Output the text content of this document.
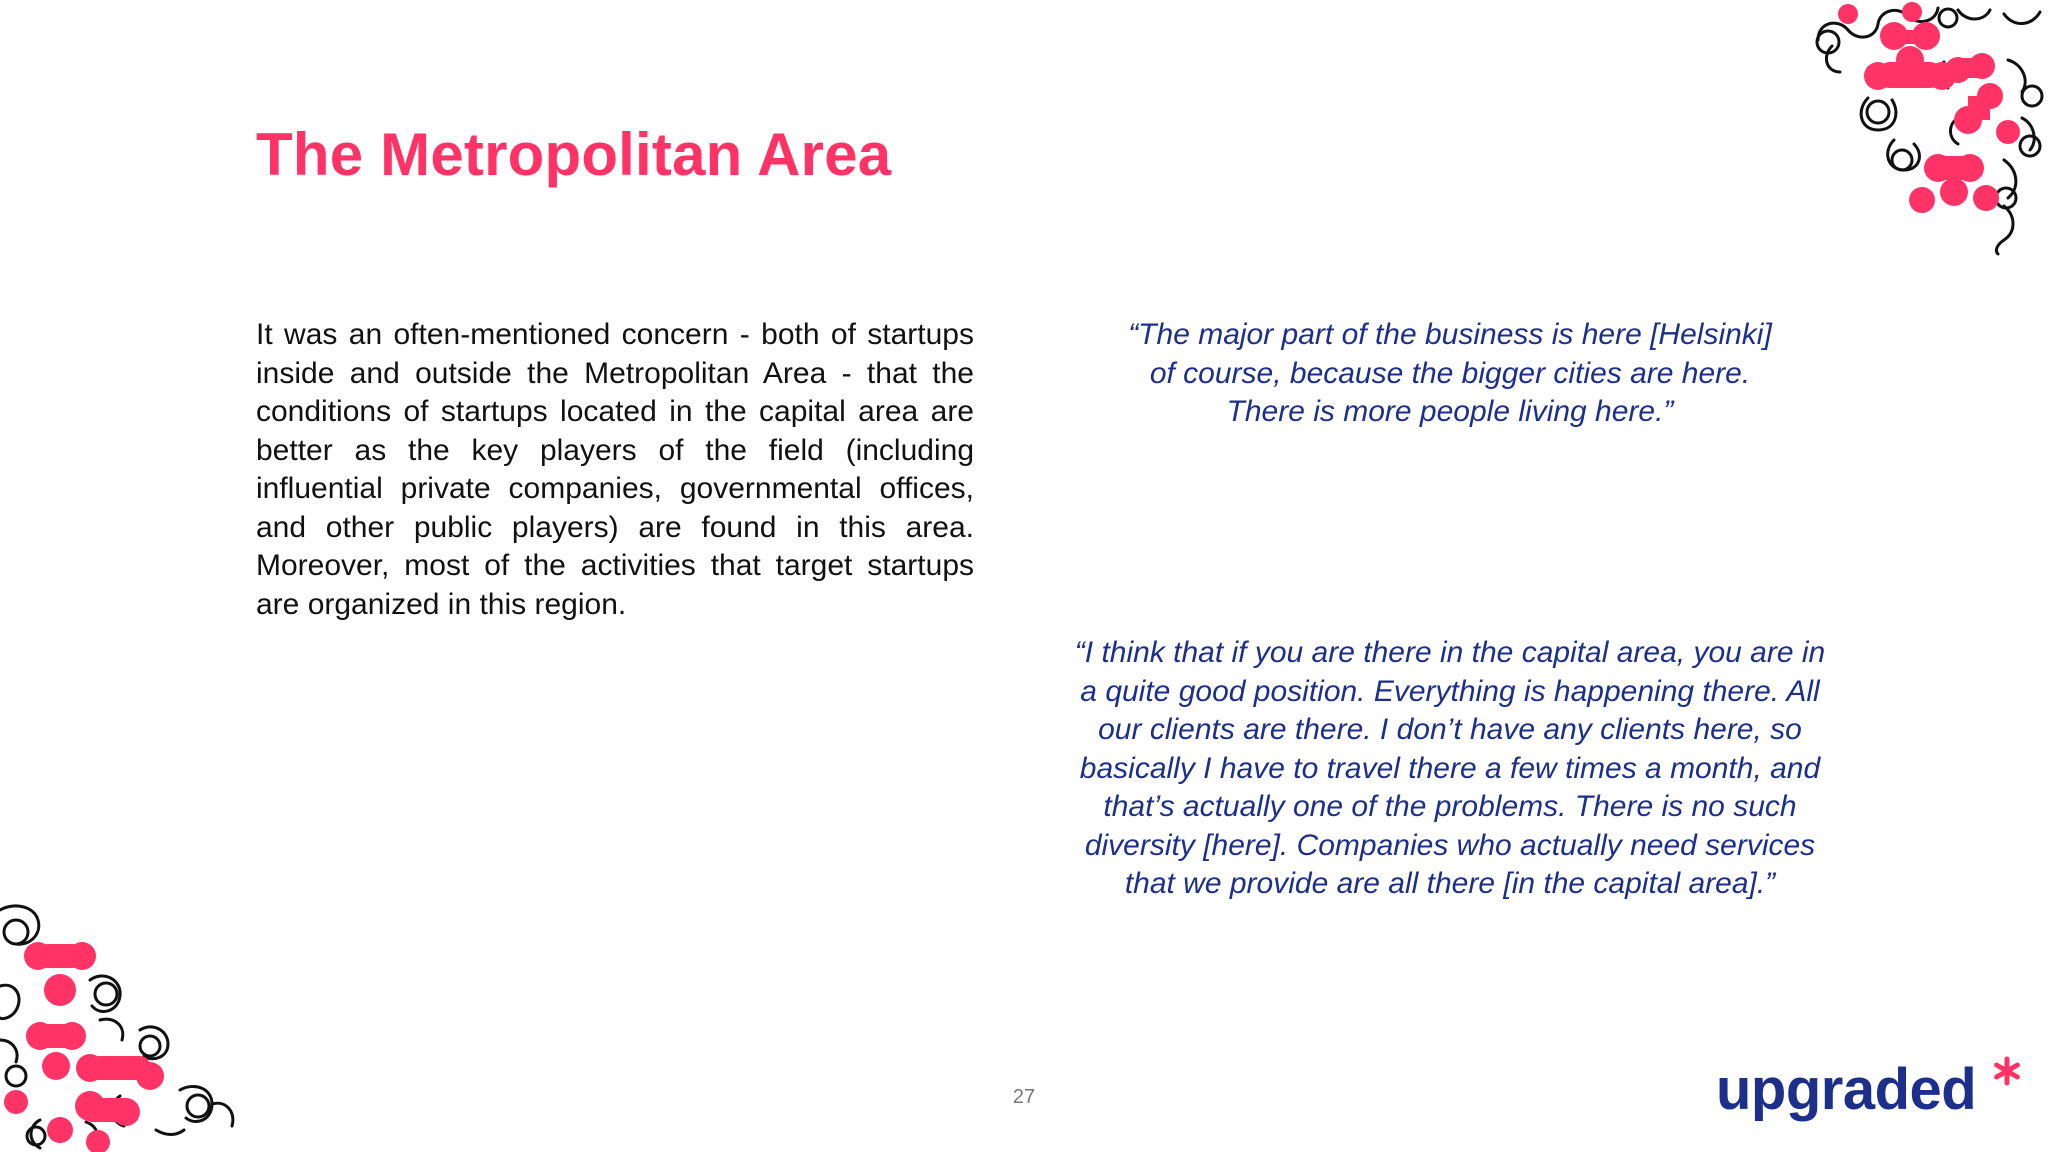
The Metropolitan Area

It was an often-mentioned concern - both of startups inside and outside the Metropolitan Area - that the conditions of startups located in the capital area are better as the key players of the field (including influential private companies, governmental offices, and other public players) are found in this area. Moreover, most of the activities that target startups are organized in this region.

“The major part of the business is here [Helsinki] of course, because the bigger cities are here. There is more people living here.”

“I think that if you are there in the capital area, you are in a quite good position. Everything is happening there. All our clients are there. I don’t have any clients here, so basically I have to travel there a few times a month, and that’s actually one of the problems. There is no such diversity [here]. Companies who actually need services that we provide are all there [in the capital area].”

27	upgraded
